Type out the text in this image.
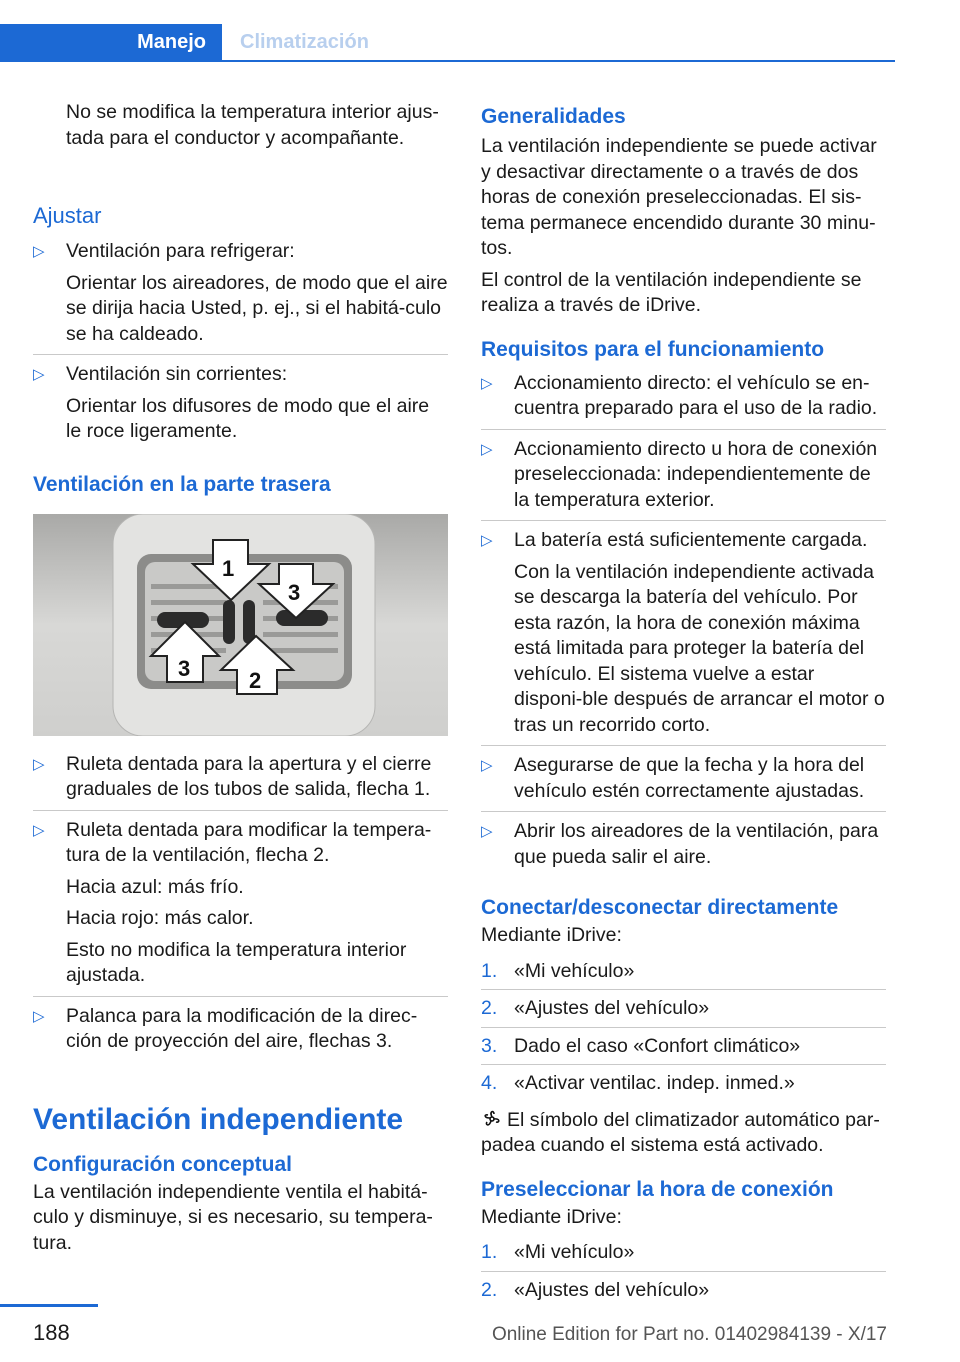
Manejo Climatización

No se modifica la temperatura interior ajus‐tada para el conductor y acompañante.

Ajustar
▷ Ventilación para refrigerar:
Orientar los aireadores, de modo que el aire se dirija hacia Usted, p. ej., si el habitá‐culo se ha caldeado.
▷ Ventilación sin corrientes:
Orientar los difusores de modo que el aire le roce ligeramente.
Ventilación en la parte trasera
1
3
3	2
▷ Ruleta dentada para la apertura y el cierre graduales de los tubos de salida, flecha 1.
▷ Ruleta dentada para modificar la tempera‐tura de la ventilación, flecha 2.
Hacia azul: más frío.
Hacia rojo: más calor.
Esto no modifica la temperatura interior ajustada.
▷ Palanca para la modificación de la direc‐ción de proyección del aire, flechas 3.
Ventilación independiente
Configuración conceptual

La ventilación independiente ventila el habitá‐culo y disminuye, si es necesario, su tempera‐tura.

Generalidades

La ventilación independiente se puede activar y desactivar directamente o a través de dos horas de conexión preseleccionadas. El sis‐tema permanece encendido durante 30 minu‐tos.

El control de la ventilación independiente se realiza a través de iDrive.

Requisitos para el funcionamiento
▷ Accionamiento directo: el vehículo se en‐cuentra preparado para el uso de la radio.
▷ Accionamiento directo u hora de conexión preseleccionada: independientemente de la temperatura exterior.
▷ La batería está suficientemente cargada.
Con la ventilación independiente activada se descarga la batería del vehículo. Por esta razón, la hora de conexión máxima está limitada para proteger la batería del vehículo. El sistema vuelve a estar disponi‐ble después de arrancar el motor o tras un recorrido corto.
▷ Asegurarse de que la fecha y la hora del vehículo estén correctamente ajustadas.
▷ Abrir los aireadores de la ventilación, para que pueda salir el aire.
Conectar/desconectar directamente

Mediante iDrive:

1. «Mi vehículo»
2. «Ajustes del vehículo»
3. Dado el caso «Confort climático»
4. «Activar ventilac. indep. inmed.»

El símbolo del climatizador automático par‐padea cuando el sistema está activado.

Preseleccionar la hora de conexión

Mediante iDrive:

1. «Mi vehículo»
2. «Ajustes del vehículo»
188	Online Edition for Part no. 01402984139 - X/17
